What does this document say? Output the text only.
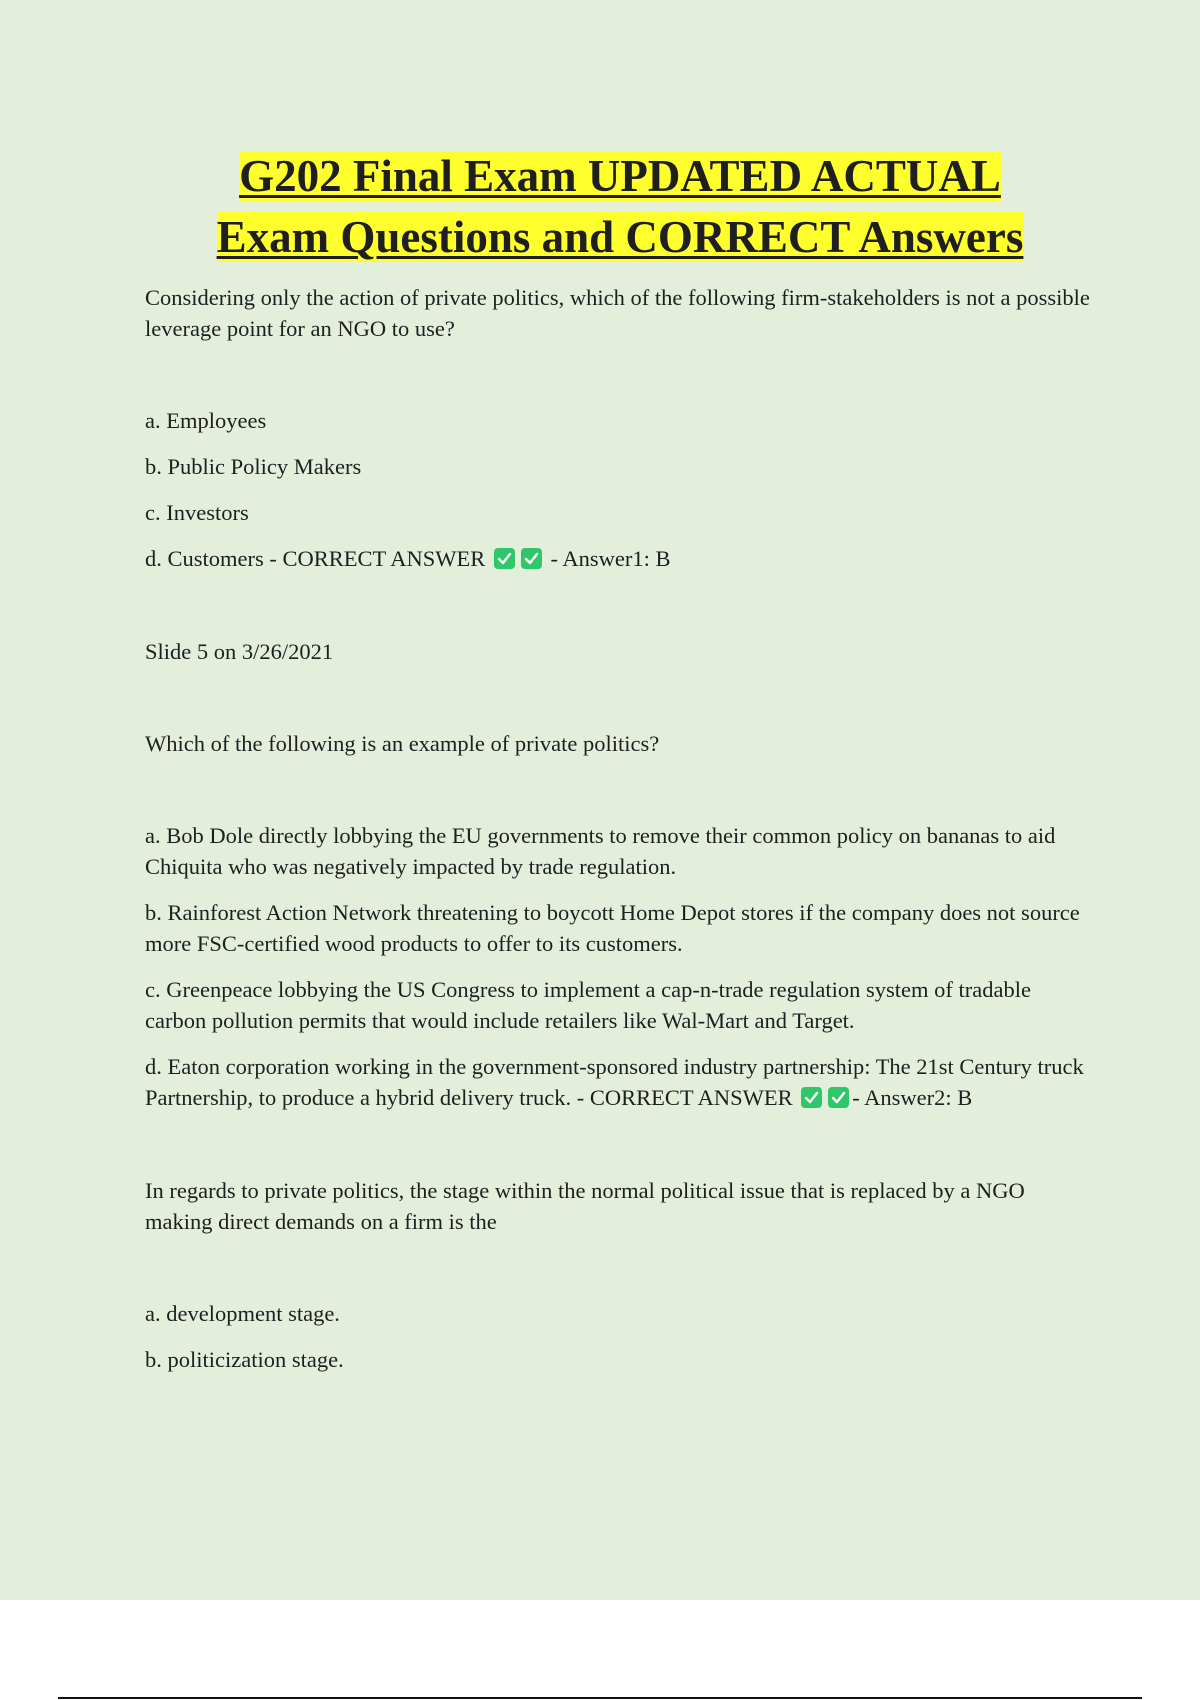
G202 Final Exam UPDATED ACTUAL
Exam Questions and CORRECT Answers

Considering only the action of private politics, which of the following firm-stakeholders is not a possible leverage point for an NGO to use?

a. Employees

b. Public Policy Makers

c. Investors

d. Customers - CORRECT ANSWER	- Answer1: B

Slide 5 on 3/26/2021

Which of the following is an example of private politics?

a. Bob Dole directly lobbying the EU governments to remove their common policy on bananas to aid Chiquita who was negatively impacted by trade regulation.

b. Rainforest Action Network threatening to boycott Home Depot stores if the company does not source more FSC-certified wood products to offer to its customers.

c. Greenpeace lobbying the US Congress to implement a cap-n-trade regulation system of tradable carbon pollution permits that would include retailers like Wal-Mart and Target.

d. Eaton corporation working in the government-sponsored industry partnership: The 21st Century truck Partnership, to produce a hybrid delivery truck. - CORRECT ANSWER	- Answer2: B

In regards to private politics, the stage within the normal political issue that is replaced by a NGO making direct demands on a firm is the

a. development stage.

b. politicization stage.
